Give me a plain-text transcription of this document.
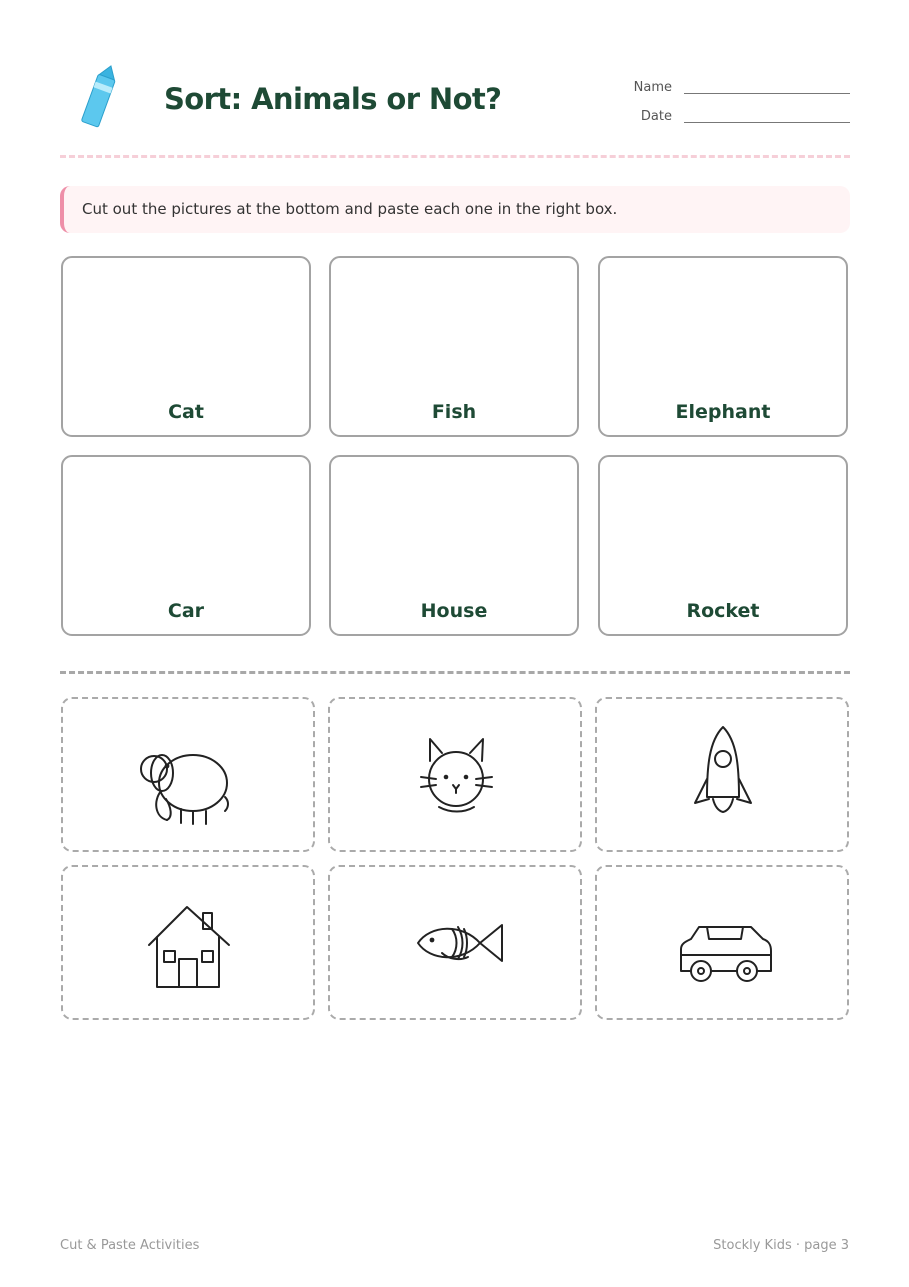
Sort: Animals or Not?	Name
Date
Cut out the pictures at the bottom and paste each one in the right box.
Cat	Fish	Elephant
Car	House	Rocket
Cut & Paste Activities	Stockly Kids · page 3
